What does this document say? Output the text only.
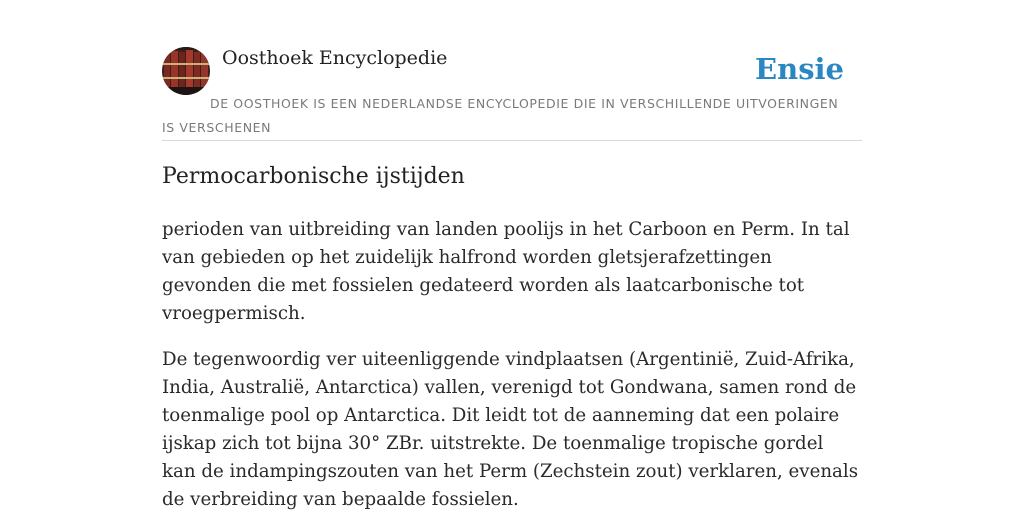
Oosthoek Encyclopedie	Ensie
DE OOSTHOEK IS EEN NEDERLANDSE ENCYCLOPEDIE DIE IN VERSCHILLENDE UITVOERINGEN IS VERSCHENEN
Permocarbonische ijstijden

perioden van uitbreiding van landen poolijs in het Carboon en Perm. In tal van gebieden op het zuidelijk halfrond worden gletsjerafzettingen gevonden die met fossielen gedateerd worden als laatcarbonische tot vroegpermisch.

De tegenwoordig ver uiteenliggende vindplaatsen (Argentinië, Zuid-Afrika, India, Australië, Antarctica) vallen, verenigd tot Gondwana, samen rond de toenmalige pool op Antarctica. Dit leidt tot de aanneming dat een polaire ijskap zich tot bijna 30° ZBr. uitstrekte. De toenmalige tropische gordel kan de indampingszouten van het Perm (Zechstein zout) verklaren, evenals de verbreiding van bepaalde fossielen.
